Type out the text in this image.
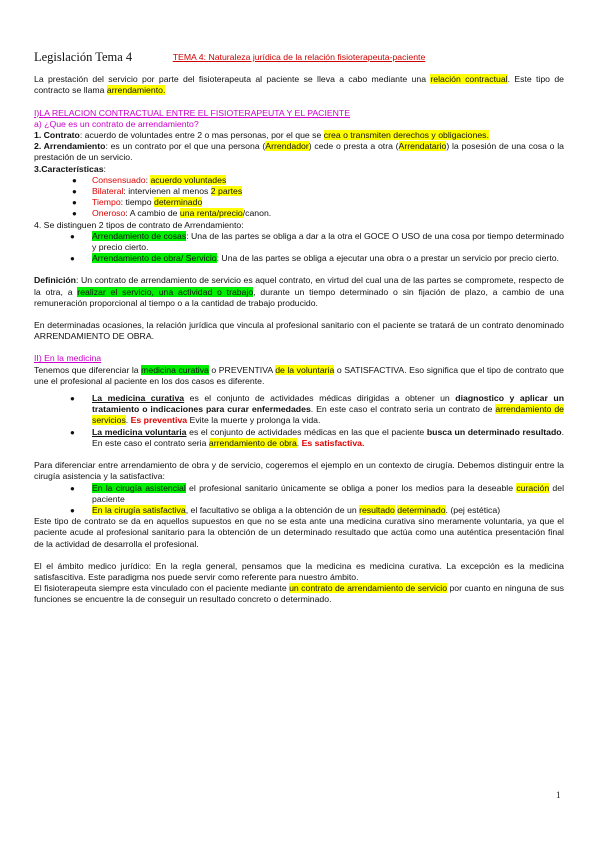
Legislación Tema 4	TEMA 4: Naturaleza jurídica de la relación fisioterapeuta-paciente

La prestación del servicio por parte del fisioterapeuta al paciente se lleva a cabo mediante una relación contractual. Este tipo de contracto se llama arrendamiento.

I)LA RELACION CONTRACTUAL ENTRE EL FISIOTERAPEUTA Y EL PACIENTE

a) ¿Que es un contrato de arrendamiento?

1. Contrato: acuerdo de voluntades entre 2 o mas personas, por el que se crea o transmiten derechos y obligaciones.

2. Arrendamiento: es un contrato por el que una persona (Arrendador) cede o presta a otra (Arrendatario) la posesión de una cosa o la prestación de un servicio.

3.Características:

● Consensuado: acuerdo voluntades
● Bilateral: intervienen al menos 2 partes
● Tiempo: tiempo determinado
● Oneroso: A cambio de una renta/precio/canon.

4. Se distinguen 2 tipos de contrato de Arrendamiento:

● Arrendamiento de cosas: Una de las partes se obliga a dar a la otra el GOCE O USO de una cosa por tiempo determinado y precio cierto.
● Arrendamiento de obra/ Servicio: Una de las partes se obliga a ejecutar una obra o a prestar un servicio por precio cierto.

Definición: Un contrato de arrendamiento de servicio es aquel contrato, en virtud del cual una de las partes se compromete, respecto de la otra, a realizar el servicio, una actividad o trabajo, durante un tiempo determinado o sin fijación de plazo, a cambio de una remuneración proporcional al tiempo o a la cantidad de trabajo producido.

En determinadas ocasiones, la relación jurídica que vincula al profesional sanitario con el paciente se tratará de un contrato denominado ARRENDAMIENTO DE OBRA.

II) En la medicina

Tenemos que diferenciar la medicina curativa o PREVENTIVA de la voluntaria o SATISFACTIVA. Eso significa que el tipo de contrato que une el profesional al paciente en los dos casos es diferente.

● La medicina curativa es el conjunto de actividades médicas dirigidas a obtener un diagnostico y aplicar un tratamiento o indicaciones para curar enfermedades. En este caso el contrato seria un contrato de arrendamiento de servicios. Es preventiva Evite la muerte y prolonga la vida.
● La medicina voluntaria es el conjunto de actividades médicas en las que el paciente busca un determinado resultado. En este caso el contrato seria arrendamiento de obra. Es satisfactiva.

Para diferenciar entre arrendamiento de obra y de servicio, cogeremos el ejemplo en un contexto de cirugía. Debemos distinguir entre la cirugía asistencia y la satisfactiva:

● En la cirugía asistencial el profesional sanitario únicamente se obliga a poner los medios para la deseable curación del paciente
● En la cirugía satisfactiva, el facultativo se obliga a la obtención de un resultado determinado. (pej estética)

Este tipo de contrato se da en aquellos supuestos en que no se esta ante una medicina curativa sino meramente voluntaria, ya que el paciente acude al profesional sanitario para la obtención de un determinado resultado que actúa como una auténtica presentación final de la actividad de desarrolla el profesional.

El el ámbito medico jurídico: En la regla general, pensamos que la medicina es medicina curativa. La excepción es la medicina satisfascitiva. Este paradigma nos puede servir como referente para nuestro ámbito.

El fisioterapeuta siempre esta vinculado con el paciente mediante un contrato de arrendamiento de servicio por cuanto en ninguna de sus funciones se encuentre la de conseguir un resultado concreto o determinado.

1
